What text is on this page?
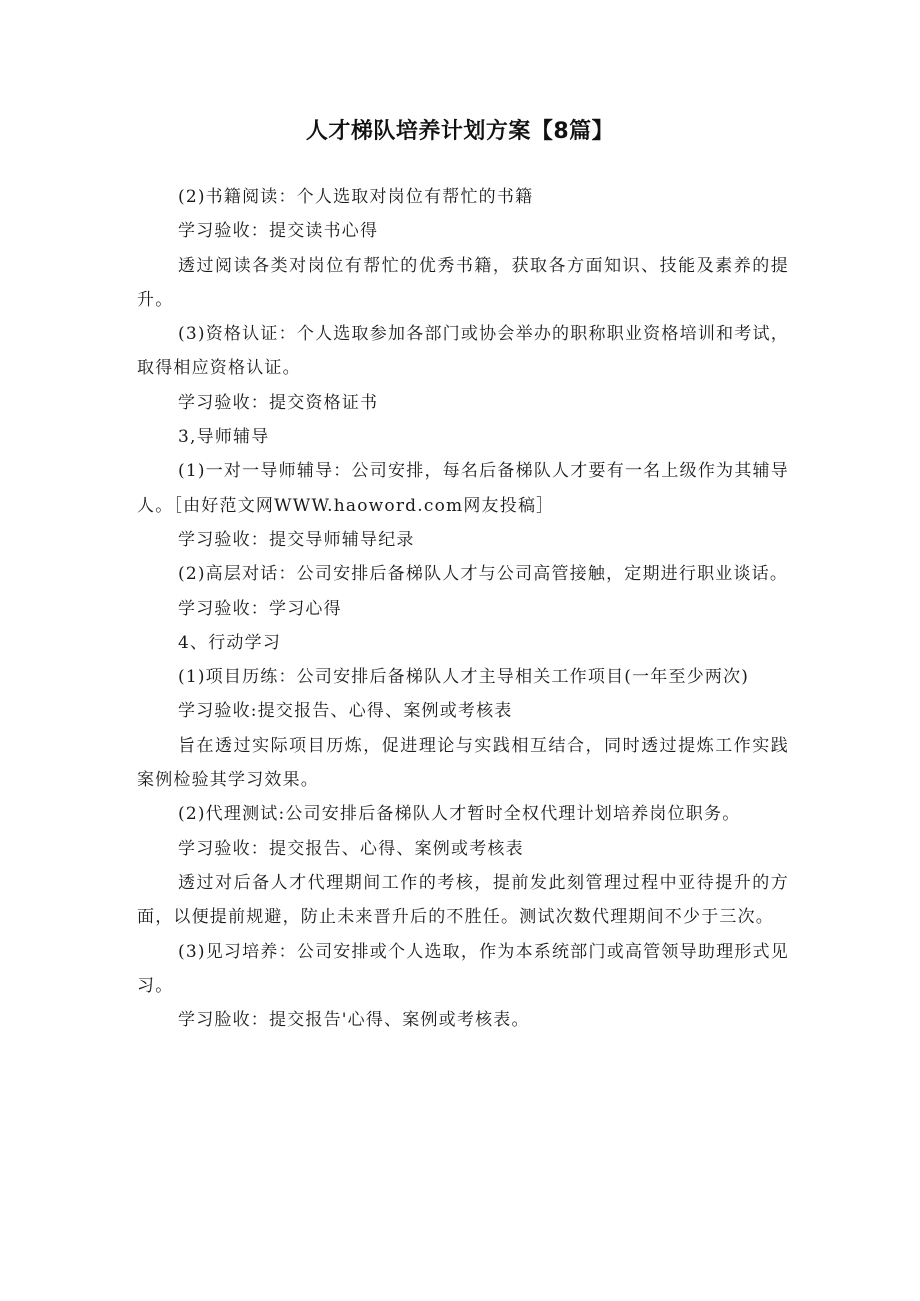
人才梯队培养计划方案【8篇】

(2)书籍阅读：个人选取对岗位有帮忙的书籍

学习验收：提交读书心得

透过阅读各类对岗位有帮忙的优秀书籍，获取各方面知识、技能及素养的提升。

(3)资格认证：个人选取参加各部门或协会举办的职称职业资格培训和考试，取得相应资格认证。

学习验收：提交资格证书

3,导师辅导

(1)一对一导师辅导：公司安排，每名后备梯队人才要有一名上级作为其辅导人。［由好范文网WWW.haoword.com网友投稿］

学习验收：提交导师辅导纪录

(2)高层对话：公司安排后备梯队人才与公司高管接触，定期进行职业谈话。

学习验收：学习心得

4、行动学习

(1)项目历练：公司安排后备梯队人才主导相关工作项目(一年至少两次)

学习验收:提交报告、心得、案例或考核表

旨在透过实际项目历炼，促进理论与实践相互结合，同时透过提炼工作实践案例检验其学习效果。

(2)代理测试:公司安排后备梯队人才暂时全权代理计划培养岗位职务。

学习验收：提交报告、心得、案例或考核表

透过对后备人才代理期间工作的考核，提前发此刻管理过程中亚待提升的方面，以便提前规避，防止未来晋升后的不胜任。测试次数代理期间不少于三次。

(3)见习培养：公司安排或个人选取，作为本系统部门或高管领导助理形式见习。

学习脸收：提交报告'心得、案例或考核表。
